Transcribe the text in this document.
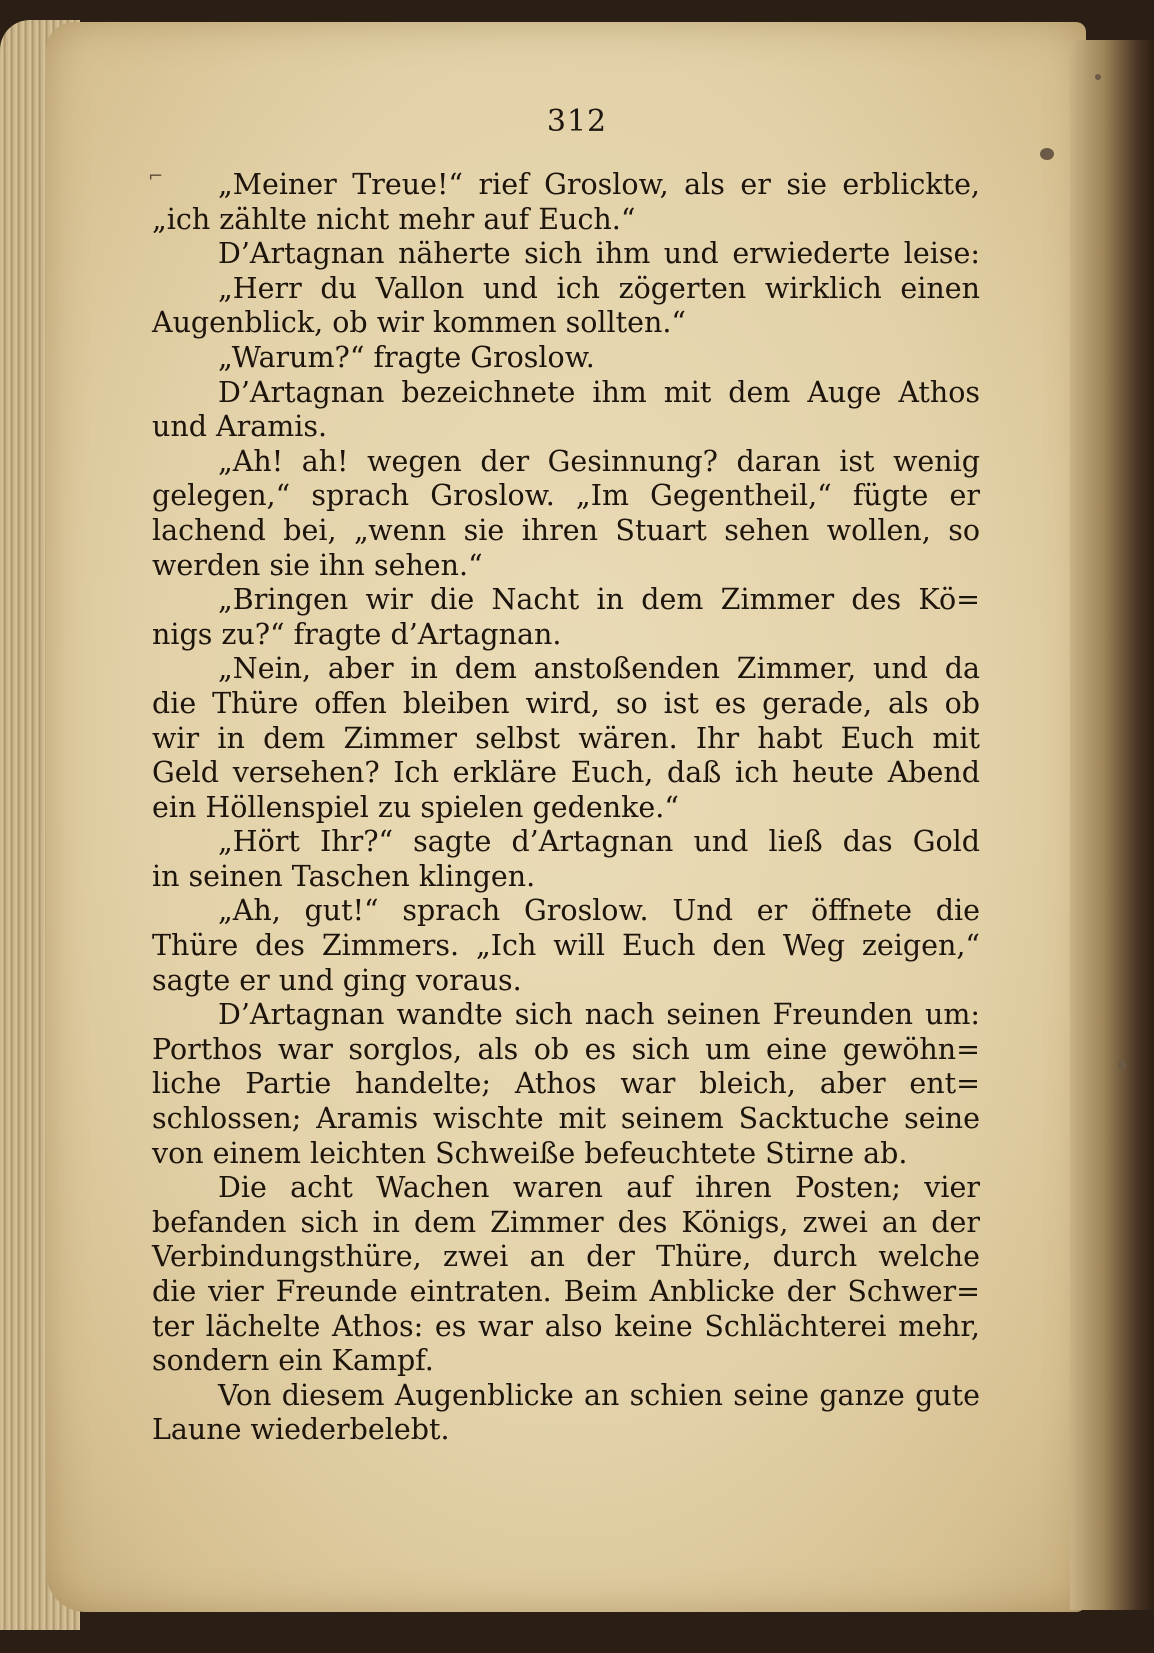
312
⌐	„Meiner Treue!“ rief Groslow, als er sie erblickte,
„ich zählte nicht mehr auf Euch.“
D’Artagnan näherte sich ihm und erwiederte leise:
„Herr du Vallon und ich zögerten wirklich einen
Augenblick, ob wir kommen sollten.“
„Warum?“ fragte Groslow.
D’Artagnan bezeichnete ihm mit dem Auge Athos
und Aramis.
„Ah! ah! wegen der Gesinnung? daran ist wenig
gelegen,“ sprach Groslow. „Im Gegentheil,“ fügte er
lachend bei, „wenn sie ihren Stuart sehen wollen, so
werden sie ihn sehen.“
„Bringen wir die Nacht in dem Zimmer des Kö=
nigs zu?“ fragte d’Artagnan.
„Nein, aber in dem anstoßenden Zimmer, und da
die Thüre offen bleiben wird, so ist es gerade, als ob
wir in dem Zimmer selbst wären. Ihr habt Euch mit
Geld versehen? Ich erkläre Euch, daß ich heute Abend
ein Höllenspiel zu spielen gedenke.“
„Hört Ihr?“ sagte d’Artagnan und ließ das Gold
in seinen Taschen klingen.
„Ah, gut!“ sprach Groslow. Und er öffnete die
Thüre des Zimmers. „Ich will Euch den Weg zeigen,“
sagte er und ging voraus.
D’Artagnan wandte sich nach seinen Freunden um:
Porthos war sorglos, als ob es sich um eine gewöhn=
liche Partie handelte; Athos war bleich, aber ent=
schlossen; Aramis wischte mit seinem Sacktuche seine
von einem leichten Schweiße befeuchtete Stirne ab.
Die acht Wachen waren auf ihren Posten; vier
befanden sich in dem Zimmer des Königs, zwei an der
Verbindungsthüre, zwei an der Thüre, durch welche
die vier Freunde eintraten. Beim Anblicke der Schwer=
ter lächelte Athos: es war also keine Schlächterei mehr,
sondern ein Kampf.
Von diesem Augenblicke an schien seine ganze gute
Laune wiederbelebt.
